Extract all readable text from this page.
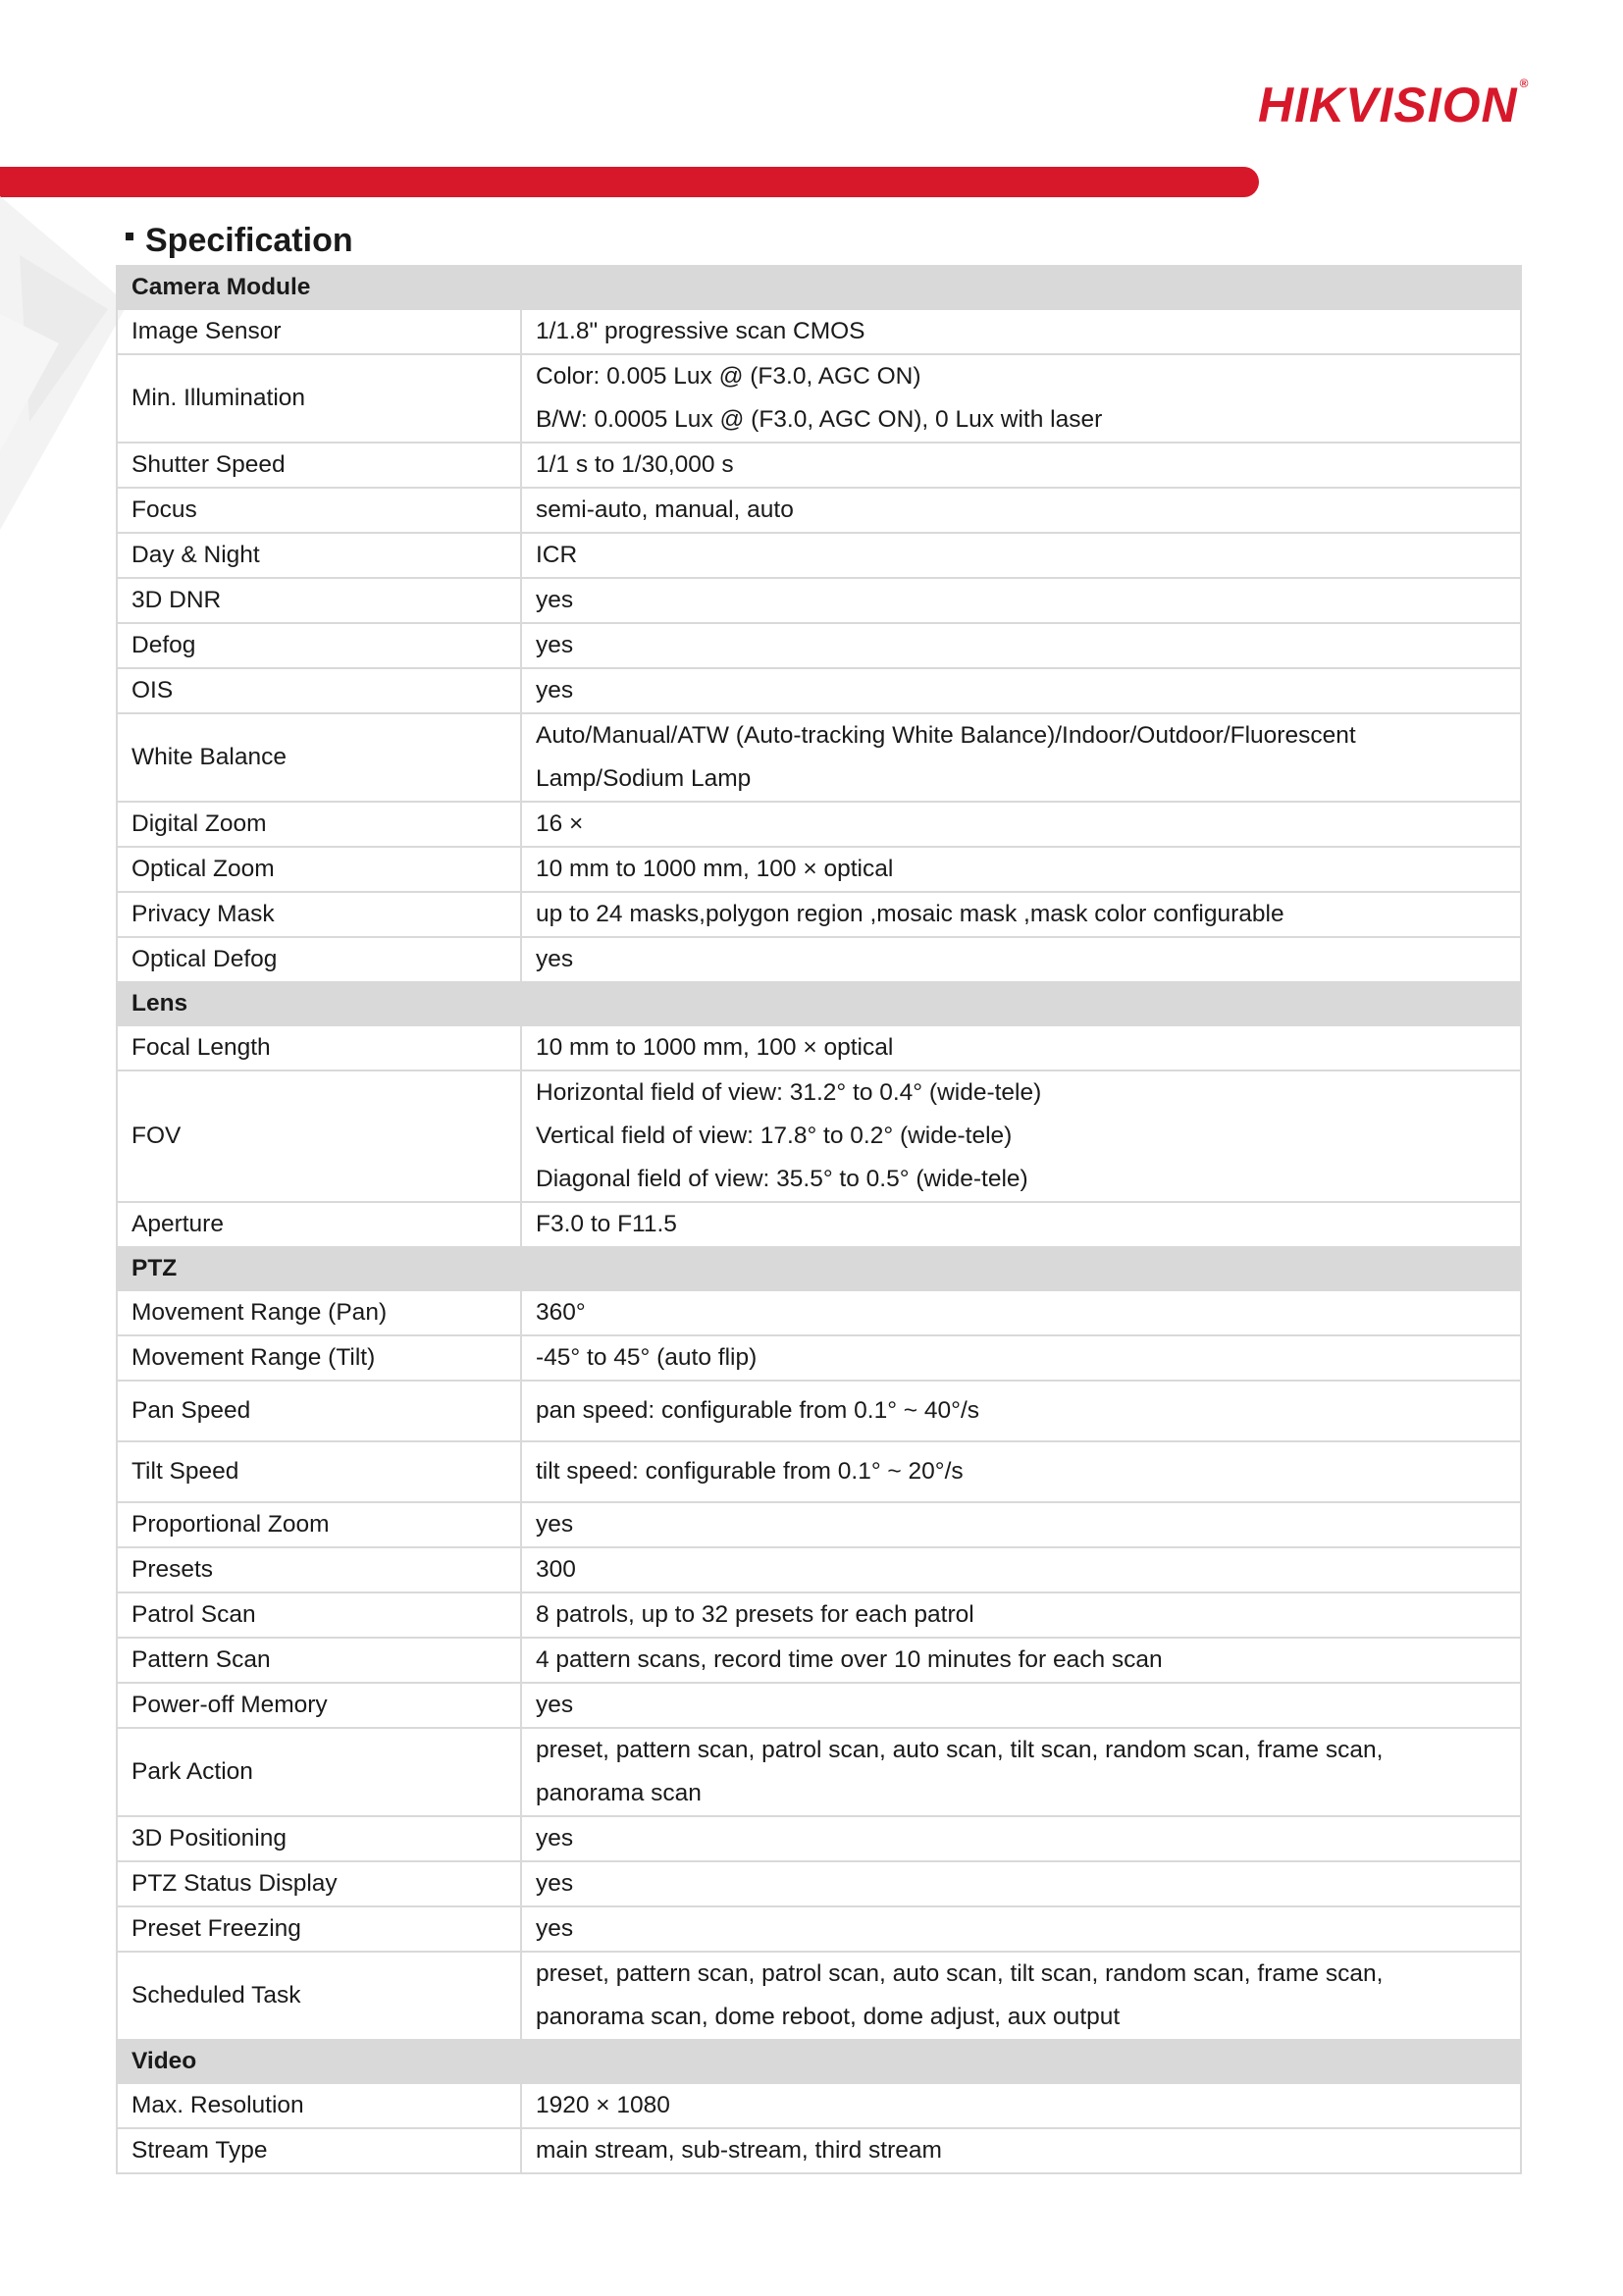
HIKVISION ®
Specification
Camera Module	
Image Sensor	1/1.8" progressive scan CMOS

Min. Illumination	Color: 0.005 Lux @ (F3.0, AGC ON)
B/W: 0.0005 Lux @ (F3.0, AGC ON), 0 Lux with laser

Shutter Speed	1/1 s to 1/30,000 s

Focus	semi-auto, manual, auto

Day & Night	ICR

3D DNR	yes

Defog	yes

OIS	yes

White Balance	Auto/Manual/ATW (Auto-tracking White Balance)/Indoor/Outdoor/Fluorescent
Lamp/Sodium Lamp

Digital Zoom	16 ×

Optical Zoom	10 mm to 1000 mm, 100 × optical

Privacy Mask	up to 24 masks,polygon region ,mosaic mask ,mask color configurable

Optical Defog	yes

Lens	
Focal Length	10 mm to 1000 mm, 100 × optical

FOV	Horizontal field of view: 31.2° to 0.4° (wide-tele)
Vertical field of view: 17.8° to 0.2° (wide-tele)
Diagonal field of view: 35.5° to 0.5° (wide-tele)

Aperture	F3.0 to F11.5

PTZ	
Movement Range (Pan)	360°

Movement Range (Tilt)	-45° to 45° (auto flip)

Pan Speed	pan speed: configurable from 0.1° ~ 40°/s

Tilt Speed	tilt speed: configurable from 0.1° ~ 20°/s

Proportional Zoom	yes

Presets	300

Patrol Scan	8 patrols, up to 32 presets for each patrol

Pattern Scan	4 pattern scans, record time over 10 minutes for each scan

Power-off Memory	yes

Park Action	preset, pattern scan, patrol scan, auto scan, tilt scan, random scan, frame scan,
panorama scan

3D Positioning	yes

PTZ Status Display	yes

Preset Freezing	yes

Scheduled Task	preset, pattern scan, patrol scan, auto scan, tilt scan, random scan, frame scan,
panorama scan, dome reboot, dome adjust, aux output

Video	
Max. Resolution	1920 × 1080

Stream Type	main stream, sub-stream, third stream
